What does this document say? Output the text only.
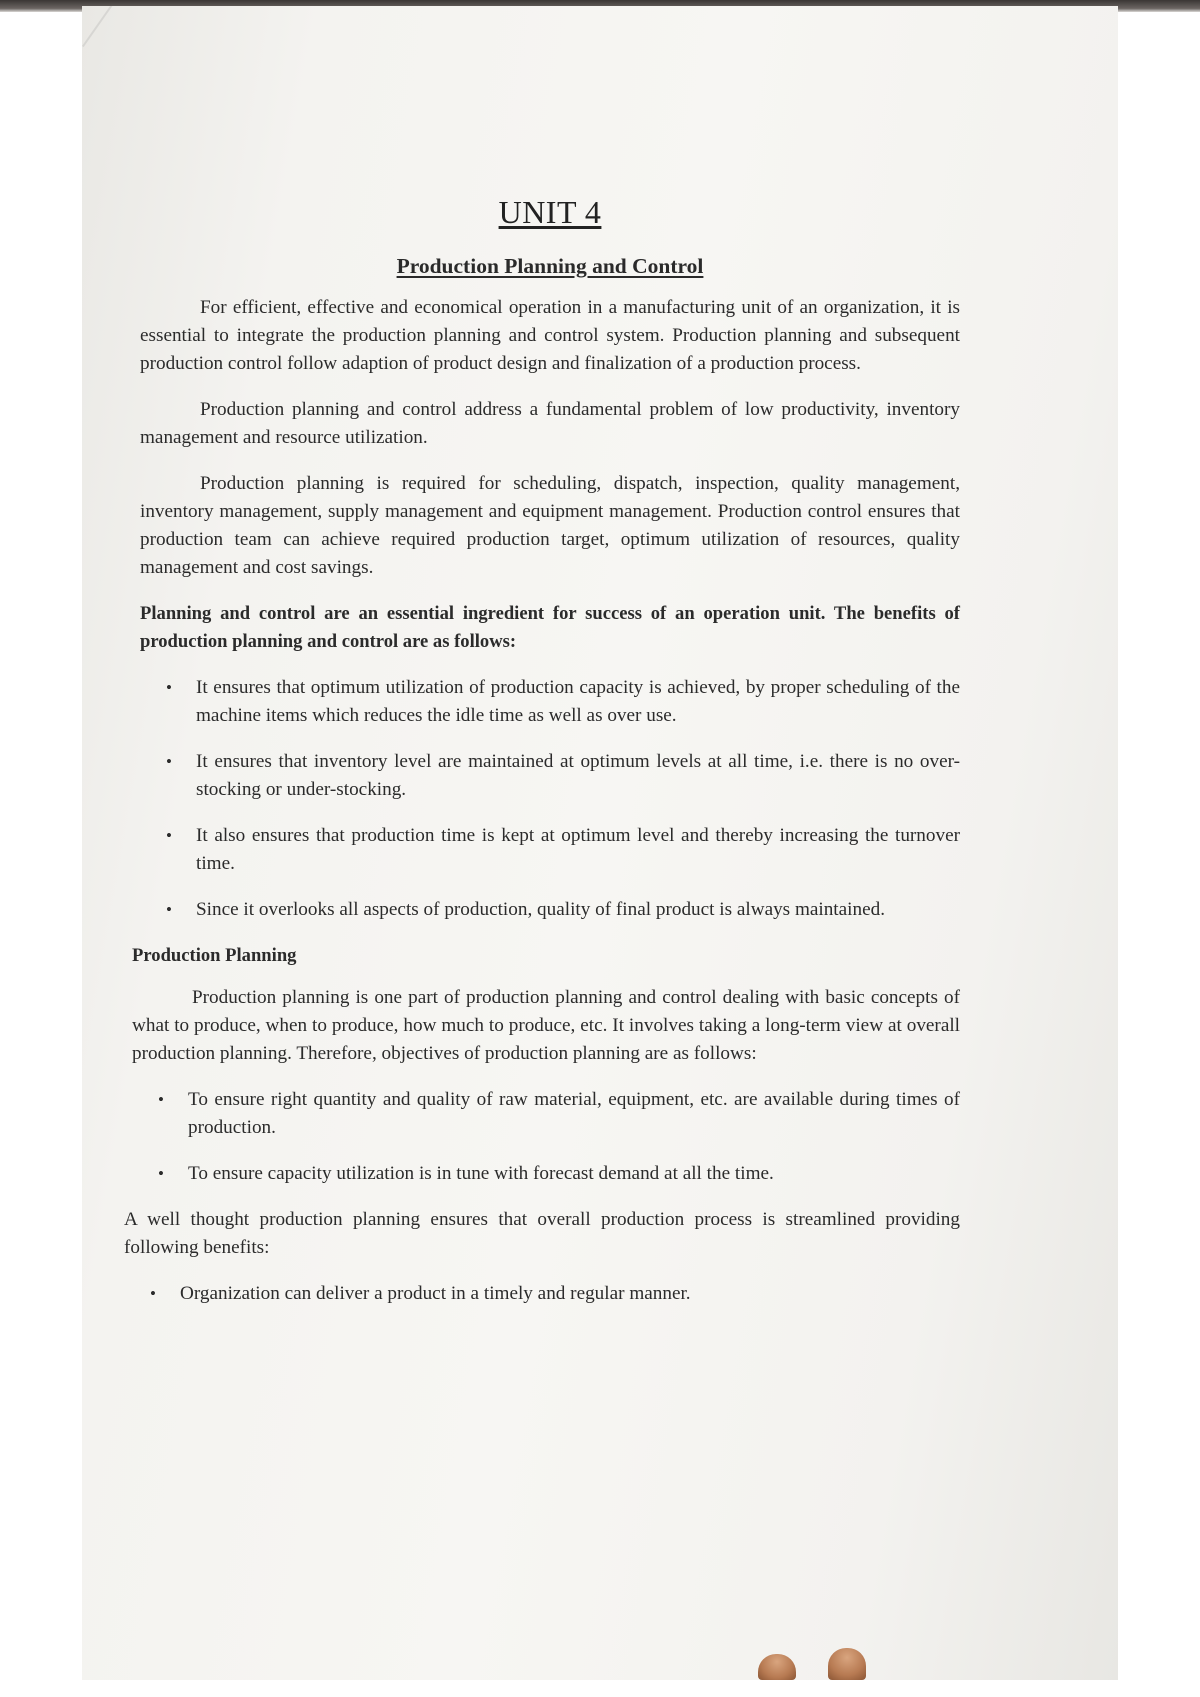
UNIT 4
Production Planning and Control

For efficient, effective and economical operation in a manufacturing unit of an organization, it is essential to integrate the production planning and control system. Production planning and subsequent production control follow adaption of product design and finalization of a production process.

Production planning and control address a fundamental problem of low productivity, inventory management and resource utilization.

Production planning is required for scheduling, dispatch, inspection, quality management, inventory management, supply management and equipment management. Production control ensures that production team can achieve required production target, optimum utilization of resources, quality management and cost savings.

Planning and control are an essential ingredient for success of an operation unit. The benefits of production planning and control are as follows:

• It ensures that optimum utilization of production capacity is achieved, by proper scheduling of the machine items which reduces the idle time as well as over use.
• It ensures that inventory level are maintained at optimum levels at all time, i.e. there is no over-stocking or under-stocking.
• It also ensures that production time is kept at optimum level and thereby increasing the turnover time.
• Since it overlooks all aspects of production, quality of final product is always maintained.
Production Planning

Production planning is one part of production planning and control dealing with basic concepts of what to produce, when to produce, how much to produce, etc. It involves taking a long-term view at overall production planning. Therefore, objectives of production planning are as follows:

• To ensure right quantity and quality of raw material, equipment, etc. are available during times of production.
• To ensure capacity utilization is in tune with forecast demand at all the time.

A well thought production planning ensures that overall production process is streamlined providing following benefits:

• Organization can deliver a product in a timely and regular manner.
